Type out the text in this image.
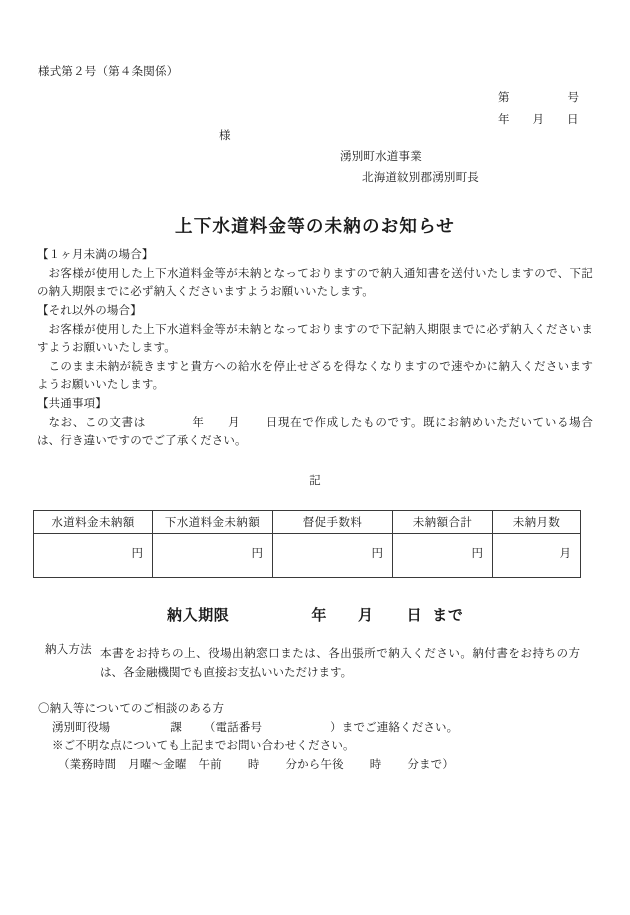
様式第２号（第４条関係）
第	号
年 月 日
様
湧別町水道事業
北海道紋別郡湧別町長
上下水道料金等の未納のお知らせ
【１ヶ月未満の場合】
お客様が使用した上下水道料金等が未納となっておりますので納入通知書を送付いたしますので、下記の納入期限までに必ず納入くださいますようお願いいたします。
【それ以外の場合】
お客様が使用した上下水道料金等が未納となっておりますので下記納入期限までに必ず納入くださいますようお願いいたします。
このまま未納が続きますと貴方への給水を停止せざるを得なくなりますので速やかに納入くださいますようお願いいたします。
【共通事項】
なお、この文書は	年 月 日現在で作成したものです。既にお納めいただいている場合は、行き違いですのでご了承ください。
記
水道料金未納額	下水道料金未納額	督促手数料	未納額合計	未納月数
円	円	円	円	月
納入期限	年 月 日 まで

納入方法 本書をお持ちの上、役場出納窓口または、各出張所で納入ください。納付書をお持ちの方は、各金融機関でも直接お支払いいただけます。
〇納入等についてのご相談のある方
湧別町役場	課 （電話番号	）までご連絡ください。
※ご不明な点についても上記までお問い合わせください。
（業務時間 月曜〜金曜 午前 時 分から午後 時 分まで）
